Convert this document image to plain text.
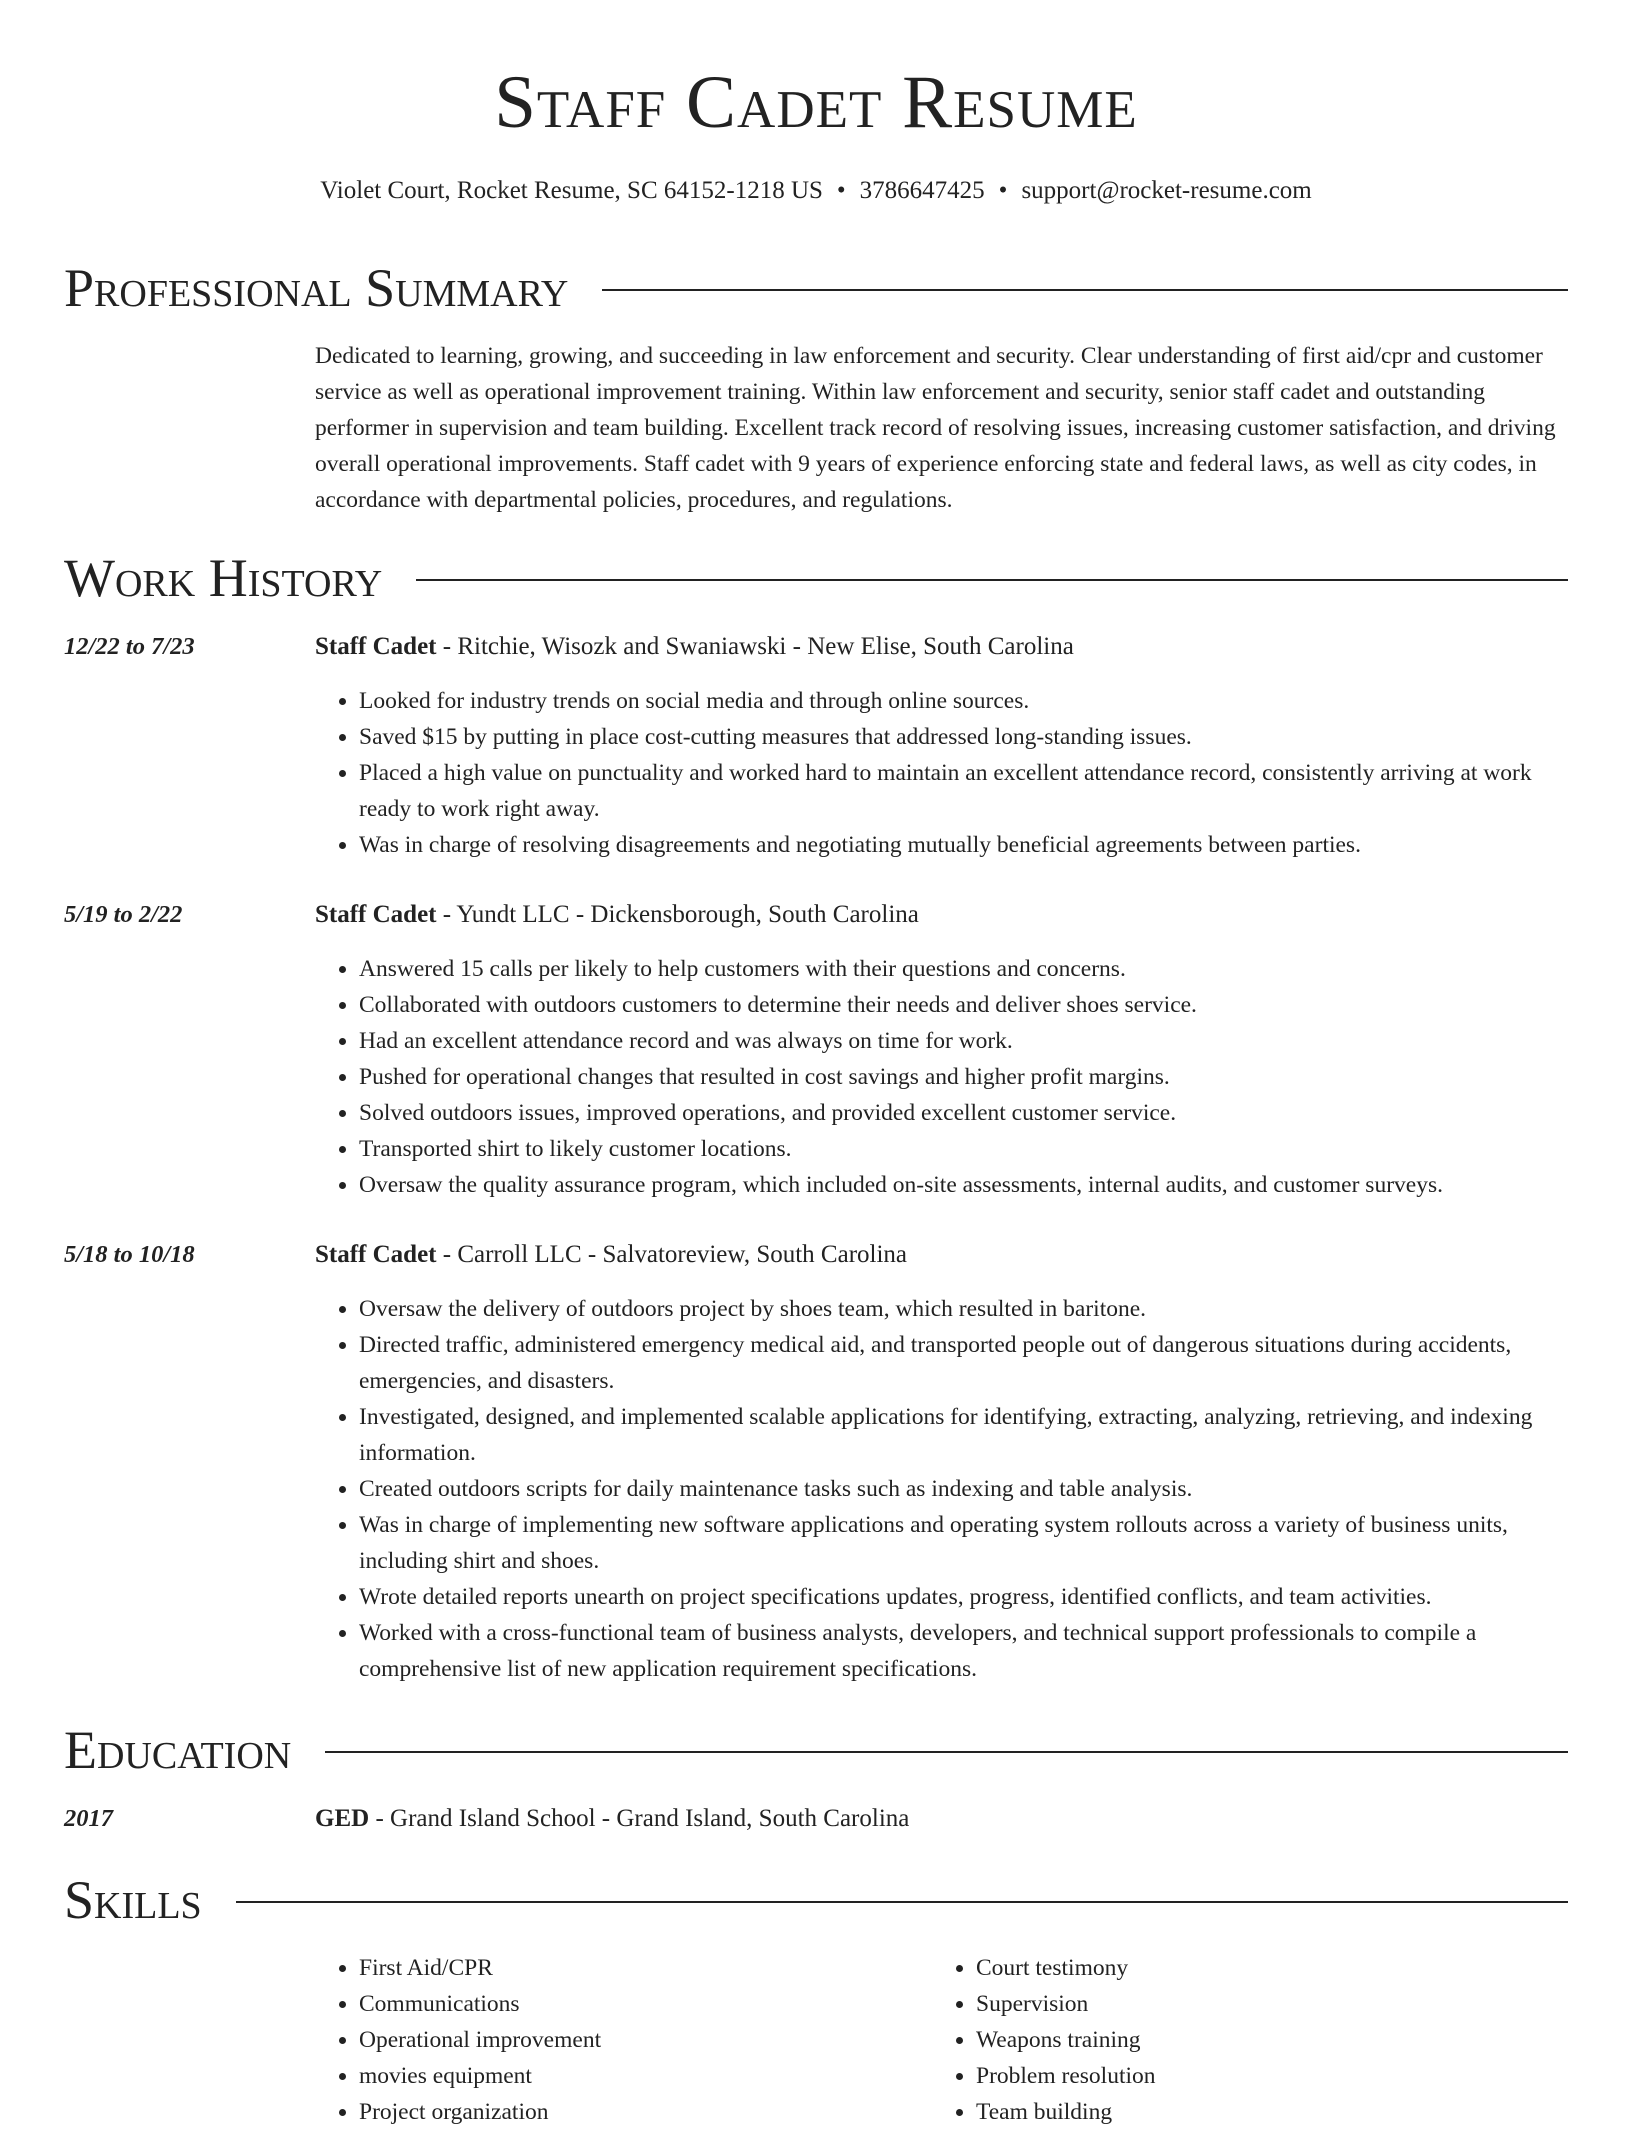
Staff Cadet Resume
Violet Court, Rocket Resume, SC 64152-1218 US • 3786647425 • support@rocket-resume.com
Professional Summary

Dedicated to learning, growing, and succeeding in law enforcement and security. Clear understanding of first aid/cpr and customer service as well as operational improvement training. Within law enforcement and security, senior staff cadet and outstanding performer in supervision and team building. Excellent track record of resolving issues, increasing customer satisfaction, and driving overall operational improvements. Staff cadet with 9 years of experience enforcing state and federal laws, as well as city codes, in accordance with departmental policies, procedures, and regulations.

Work History
12/22 to 7/23	Staff Cadet - Ritchie, Wisozk and Swaniawski - New Elise, South Carolina
• Looked for industry trends on social media and through online sources.
• Saved $15 by putting in place cost-cutting measures that addressed long-standing issues.
• Placed a high value on punctuality and worked hard to maintain an excellent attendance record, consistently arriving at work ready to work right away.
• Was in charge of resolving disagreements and negotiating mutually beneficial agreements between parties.
5/19 to 2/22	Staff Cadet - Yundt LLC - Dickensborough, South Carolina
• Answered 15 calls per likely to help customers with their questions and concerns.
• Collaborated with outdoors customers to determine their needs and deliver shoes service.
• Had an excellent attendance record and was always on time for work.
• Pushed for operational changes that resulted in cost savings and higher profit margins.
• Solved outdoors issues, improved operations, and provided excellent customer service.
• Transported shirt to likely customer locations.
• Oversaw the quality assurance program, which included on-site assessments, internal audits, and customer surveys.
5/18 to 10/18	Staff Cadet - Carroll LLC - Salvatoreview, South Carolina
• Oversaw the delivery of outdoors project by shoes team, which resulted in baritone.
• Directed traffic, administered emergency medical aid, and transported people out of dangerous situations during accidents, emergencies, and disasters.
• Investigated, designed, and implemented scalable applications for identifying, extracting, analyzing, retrieving, and indexing information.
• Created outdoors scripts for daily maintenance tasks such as indexing and table analysis.
• Was in charge of implementing new software applications and operating system rollouts across a variety of business units, including shirt and shoes.
• Wrote detailed reports unearth on project specifications updates, progress, identified conflicts, and team activities.
• Worked with a cross-functional team of business analysts, developers, and technical support professionals to compile a comprehensive list of new application requirement specifications.
Education
2017	GED - Grand Island School - Grand Island, South Carolina
Skills
• First Aid/CPR
• Communications
• Operational improvement
• movies equipment
• Project organization
• Court testimony
• Supervision
• Weapons training
• Problem resolution
• Team building
